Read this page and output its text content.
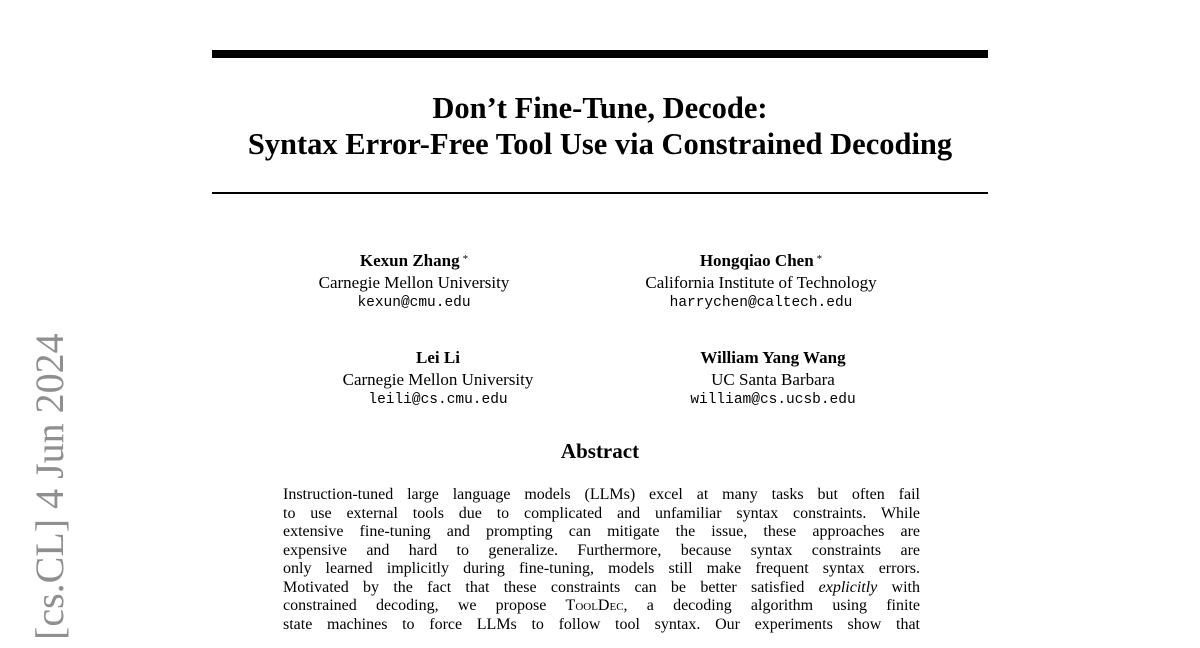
Don’t Fine-Tune, Decode:
Syntax Error-Free Tool Use via Constrained Decoding
Kexun Zhang *
Carnegie Mellon University
kexun@cmu.edu
Hongqiao Chen *
California Institute of Technology
harrychen@caltech.edu
Lei Li
Carnegie Mellon University
leili@cs.cmu.edu
William Yang Wang
UC Santa Barbara
william@cs.ucsb.edu
Abstract
Instruction-tuned large language models (LLMs) excel at many tasks but often fail
to use external tools due to complicated and unfamiliar syntax constraints. While
extensive fine-tuning and prompting can mitigate the issue, these approaches are
expensive and hard to generalize. Furthermore, because syntax constraints are
only learned implicitly during fine-tuning, models still make frequent syntax errors.
Motivated by the fact that these constraints can be better satisfied explicitly with
constrained decoding, we propose ToolDec, a decoding algorithm using finite
state machines to force LLMs to follow tool syntax. Our experiments show that
[cs.CL] 4 Jun 2024
